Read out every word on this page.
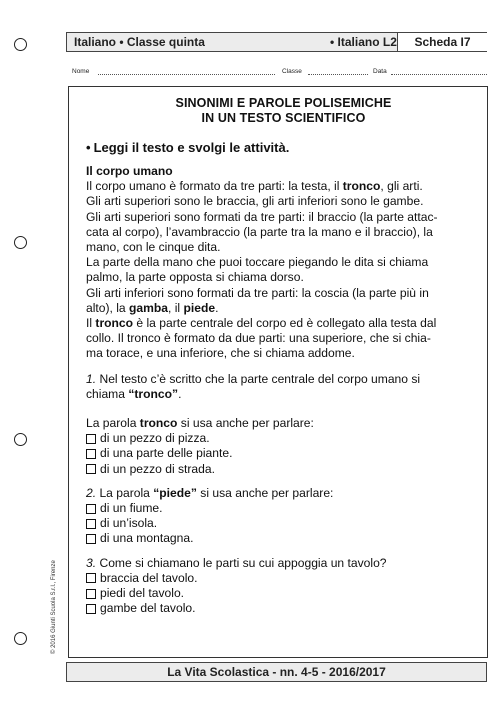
Italiano • Classe quinta	• Italiano L2	Scheda I7
Nome	Classe	Data
SINONIMI E PAROLE POLISEMICHE
IN UN TESTO SCIENTIFICO
• Leggi il testo e svolgi le attività.
Il corpo umano

Il corpo umano è formato da tre parti: la testa, il tronco, gli arti.

Gli arti superiori sono le braccia, gli arti inferiori sono le gambe.

Gli arti superiori sono formati da tre parti: il braccio (la parte attac-

cata al corpo), l’avambraccio (la parte tra la mano e il braccio), la

mano, con le cinque dita.

La parte della mano che puoi toccare piegando le dita si chiama

palmo, la parte opposta si chiama dorso.

Gli arti inferiori sono formati da tre parti: la coscia (la parte più in

alto), la gamba, il piede.

Il tronco è la parte centrale del corpo ed è collegato alla testa dal

collo. Il tronco è formato da due parti: una superiore, che si chia-

ma torace, e una inferiore, che si chiama addome.

1. Nel testo c’è scritto che la parte centrale del corpo umano si

chiama “tronco”.

La parola tronco si usa anche per parlare:

di un pezzo di pizza.
di una parte delle piante.
di un pezzo di strada.

2. La parola “piede” si usa anche per parlare:

di un fiume.
di un’isola.
di una montagna.

3. Come si chiamano le parti su cui appoggia un tavolo?

braccia del tavolo.
piedi del tavolo.
gambe del tavolo.
© 2016 Giunti Scuola S.r.l., Firenze
La Vita Scolastica - nn. 4-5 - 2016/2017
